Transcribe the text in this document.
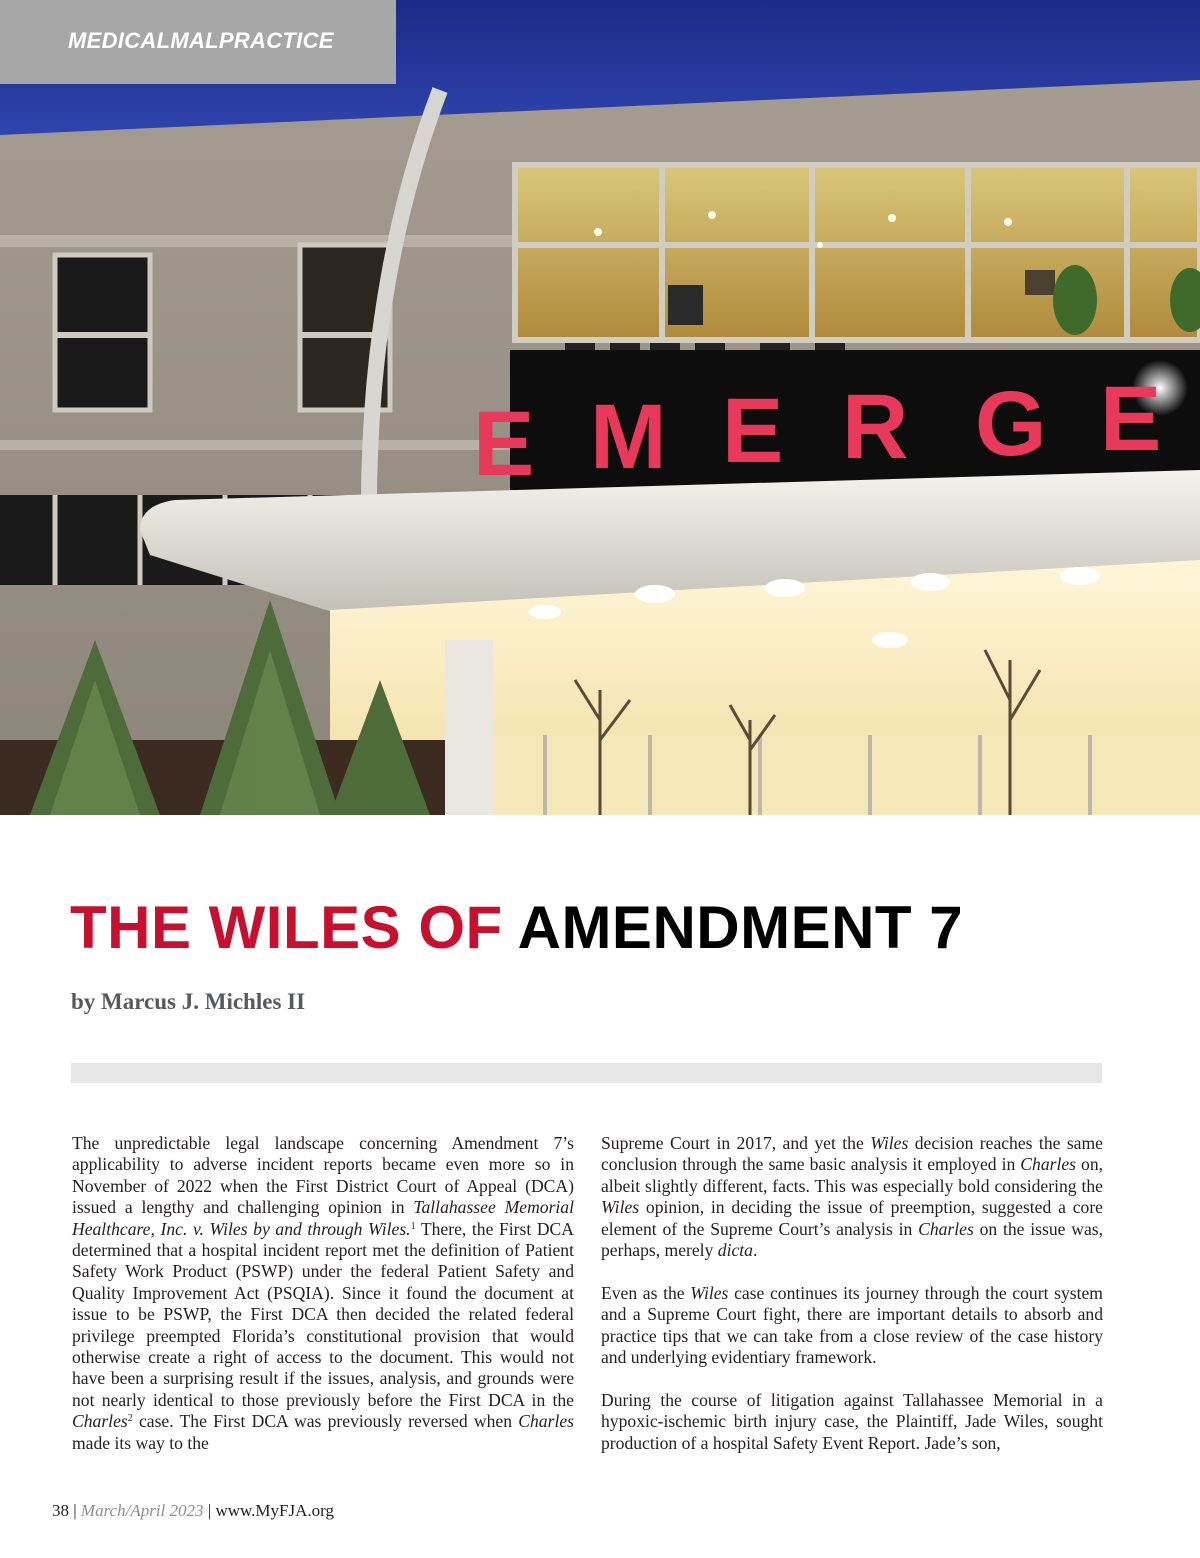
E M E R G E
MEDICALMALPRACTICE
THE WILES OF AMENDMENT 7
by Marcus J. Michles II

The unpredictable legal landscape concerning Amendment 7’s applicability to adverse incident reports became even more so in November of 2022 when the First District Court of Appeal (DCA) issued a lengthy and challenging opinion in Tallahassee Memorial Healthcare, Inc. v. Wiles by and through Wiles.$^1$ There, the First DCA determined that a hospital incident report met the definition of Patient Safety Work Product (PSWP) under the federal Patient Safety and Quality Improvement Act (PSQIA). Since it found the document at issue to be PSWP, the First DCA then decided the related federal privilege preempted Florida’s constitutional provision that would otherwise create a right of access to the document. This would not have been a surprising result if the issues, analysis, and grounds were not nearly identical to those previously before the First DCA in the Charles$^2$ case. The First DCA was previously reversed when Charles made its way to the

Supreme Court in 2017, and yet the Wiles decision reaches the same conclusion through the same basic analysis it employed in Charles on, albeit slightly different, facts. This was especially bold considering the Wiles opinion, in deciding the issue of preemption, suggested a core element of the Supreme Court’s analysis in Charles on the issue was, perhaps, merely dicta.

Even as the Wiles case continues its journey through the court system and a Supreme Court fight, there are important details to absorb and practice tips that we can take from a close review of the case history and underlying evidentiary framework.

During the course of litigation against Tallahassee Memorial in a hypoxic-ischemic birth injury case, the Plaintiff, Jade Wiles, sought production of a hospital Safety Event Report. Jade’s son,

38 | March/April 2023 | www.MyFJA.org
